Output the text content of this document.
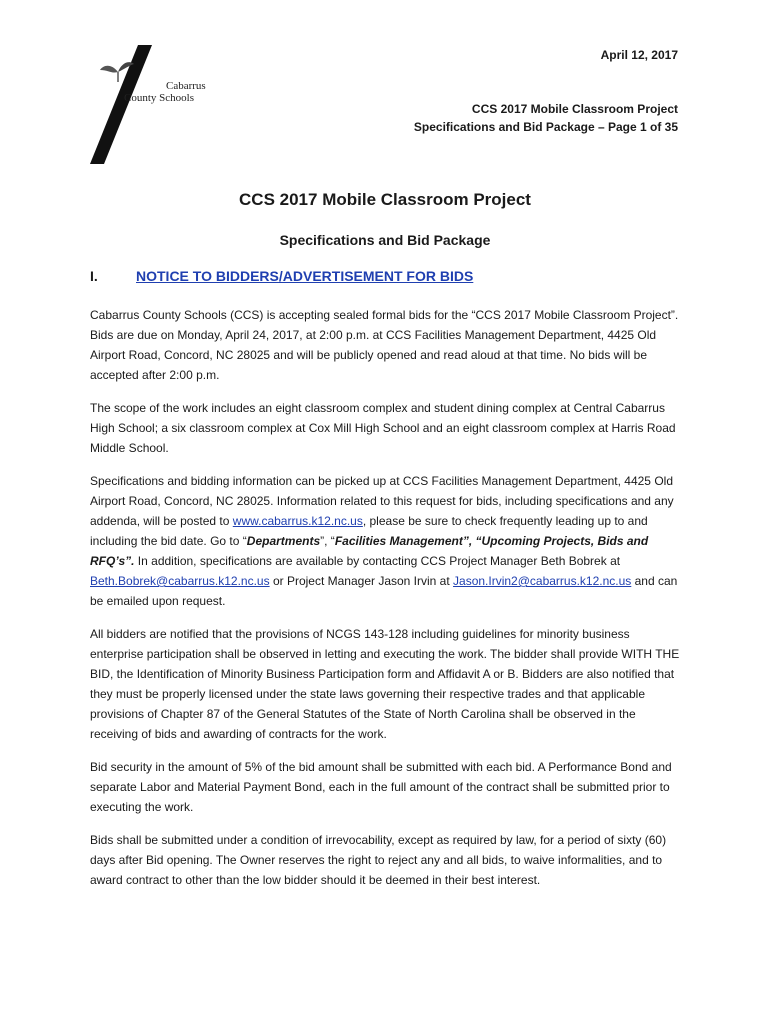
Cabarrus
County Schools
April 12, 2017
CCS 2017 Mobile Classroom Project
Specifications and Bid Package – Page 1 of 35
CCS 2017 Mobile Classroom Project
Specifications and Bid Package
I.	NOTICE TO BIDDERS/ADVERTISEMENT FOR BIDS

Cabarrus County Schools (CCS) is accepting sealed formal bids for the “CCS 2017 Mobile Classroom Project”. Bids are due on Monday, April 24, 2017, at 2:00 p.m. at CCS Facilities Management Department, 4425 Old Airport Road, Concord, NC 28025 and will be publicly opened and read aloud at that time. No bids will be accepted after 2:00 p.m.

The scope of the work includes an eight classroom complex and student dining complex at Central Cabarrus High School; a six classroom complex at Cox Mill High School and an eight classroom complex at Harris Road Middle School.

Specifications and bidding information can be picked up at CCS Facilities Management Department, 4425 Old Airport Road, Concord, NC 28025. Information related to this request for bids, including specifications and any addenda, will be posted to www.cabarrus.k12.nc.us, please be sure to check frequently leading up to and including the bid date. Go to “Departments”, “Facilities Management”, “Upcoming Projects, Bids and RFQ’s”. In addition, specifications are available by contacting CCS Project Manager Beth Bobrek at Beth.Bobrek@cabarrus.k12.nc.us or Project Manager Jason Irvin at Jason.Irvin2@cabarrus.k12.nc.us and can be emailed upon request.

All bidders are notified that the provisions of NCGS 143-128 including guidelines for minority business enterprise participation shall be observed in letting and executing the work. The bidder shall provide WITH THE BID, the Identification of Minority Business Participation form and Affidavit A or B. Bidders are also notified that they must be properly licensed under the state laws governing their respective trades and that applicable provisions of Chapter 87 of the General Statutes of the State of North Carolina shall be observed in the receiving of bids and awarding of contracts for the work.

Bid security in the amount of 5% of the bid amount shall be submitted with each bid. A Performance Bond and separate Labor and Material Payment Bond, each in the full amount of the contract shall be submitted prior to executing the work.

Bids shall be submitted under a condition of irrevocability, except as required by law, for a period of sixty (60) days after Bid opening. The Owner reserves the right to reject any and all bids, to waive informalities, and to award contract to other than the low bidder should it be deemed in their best interest.
